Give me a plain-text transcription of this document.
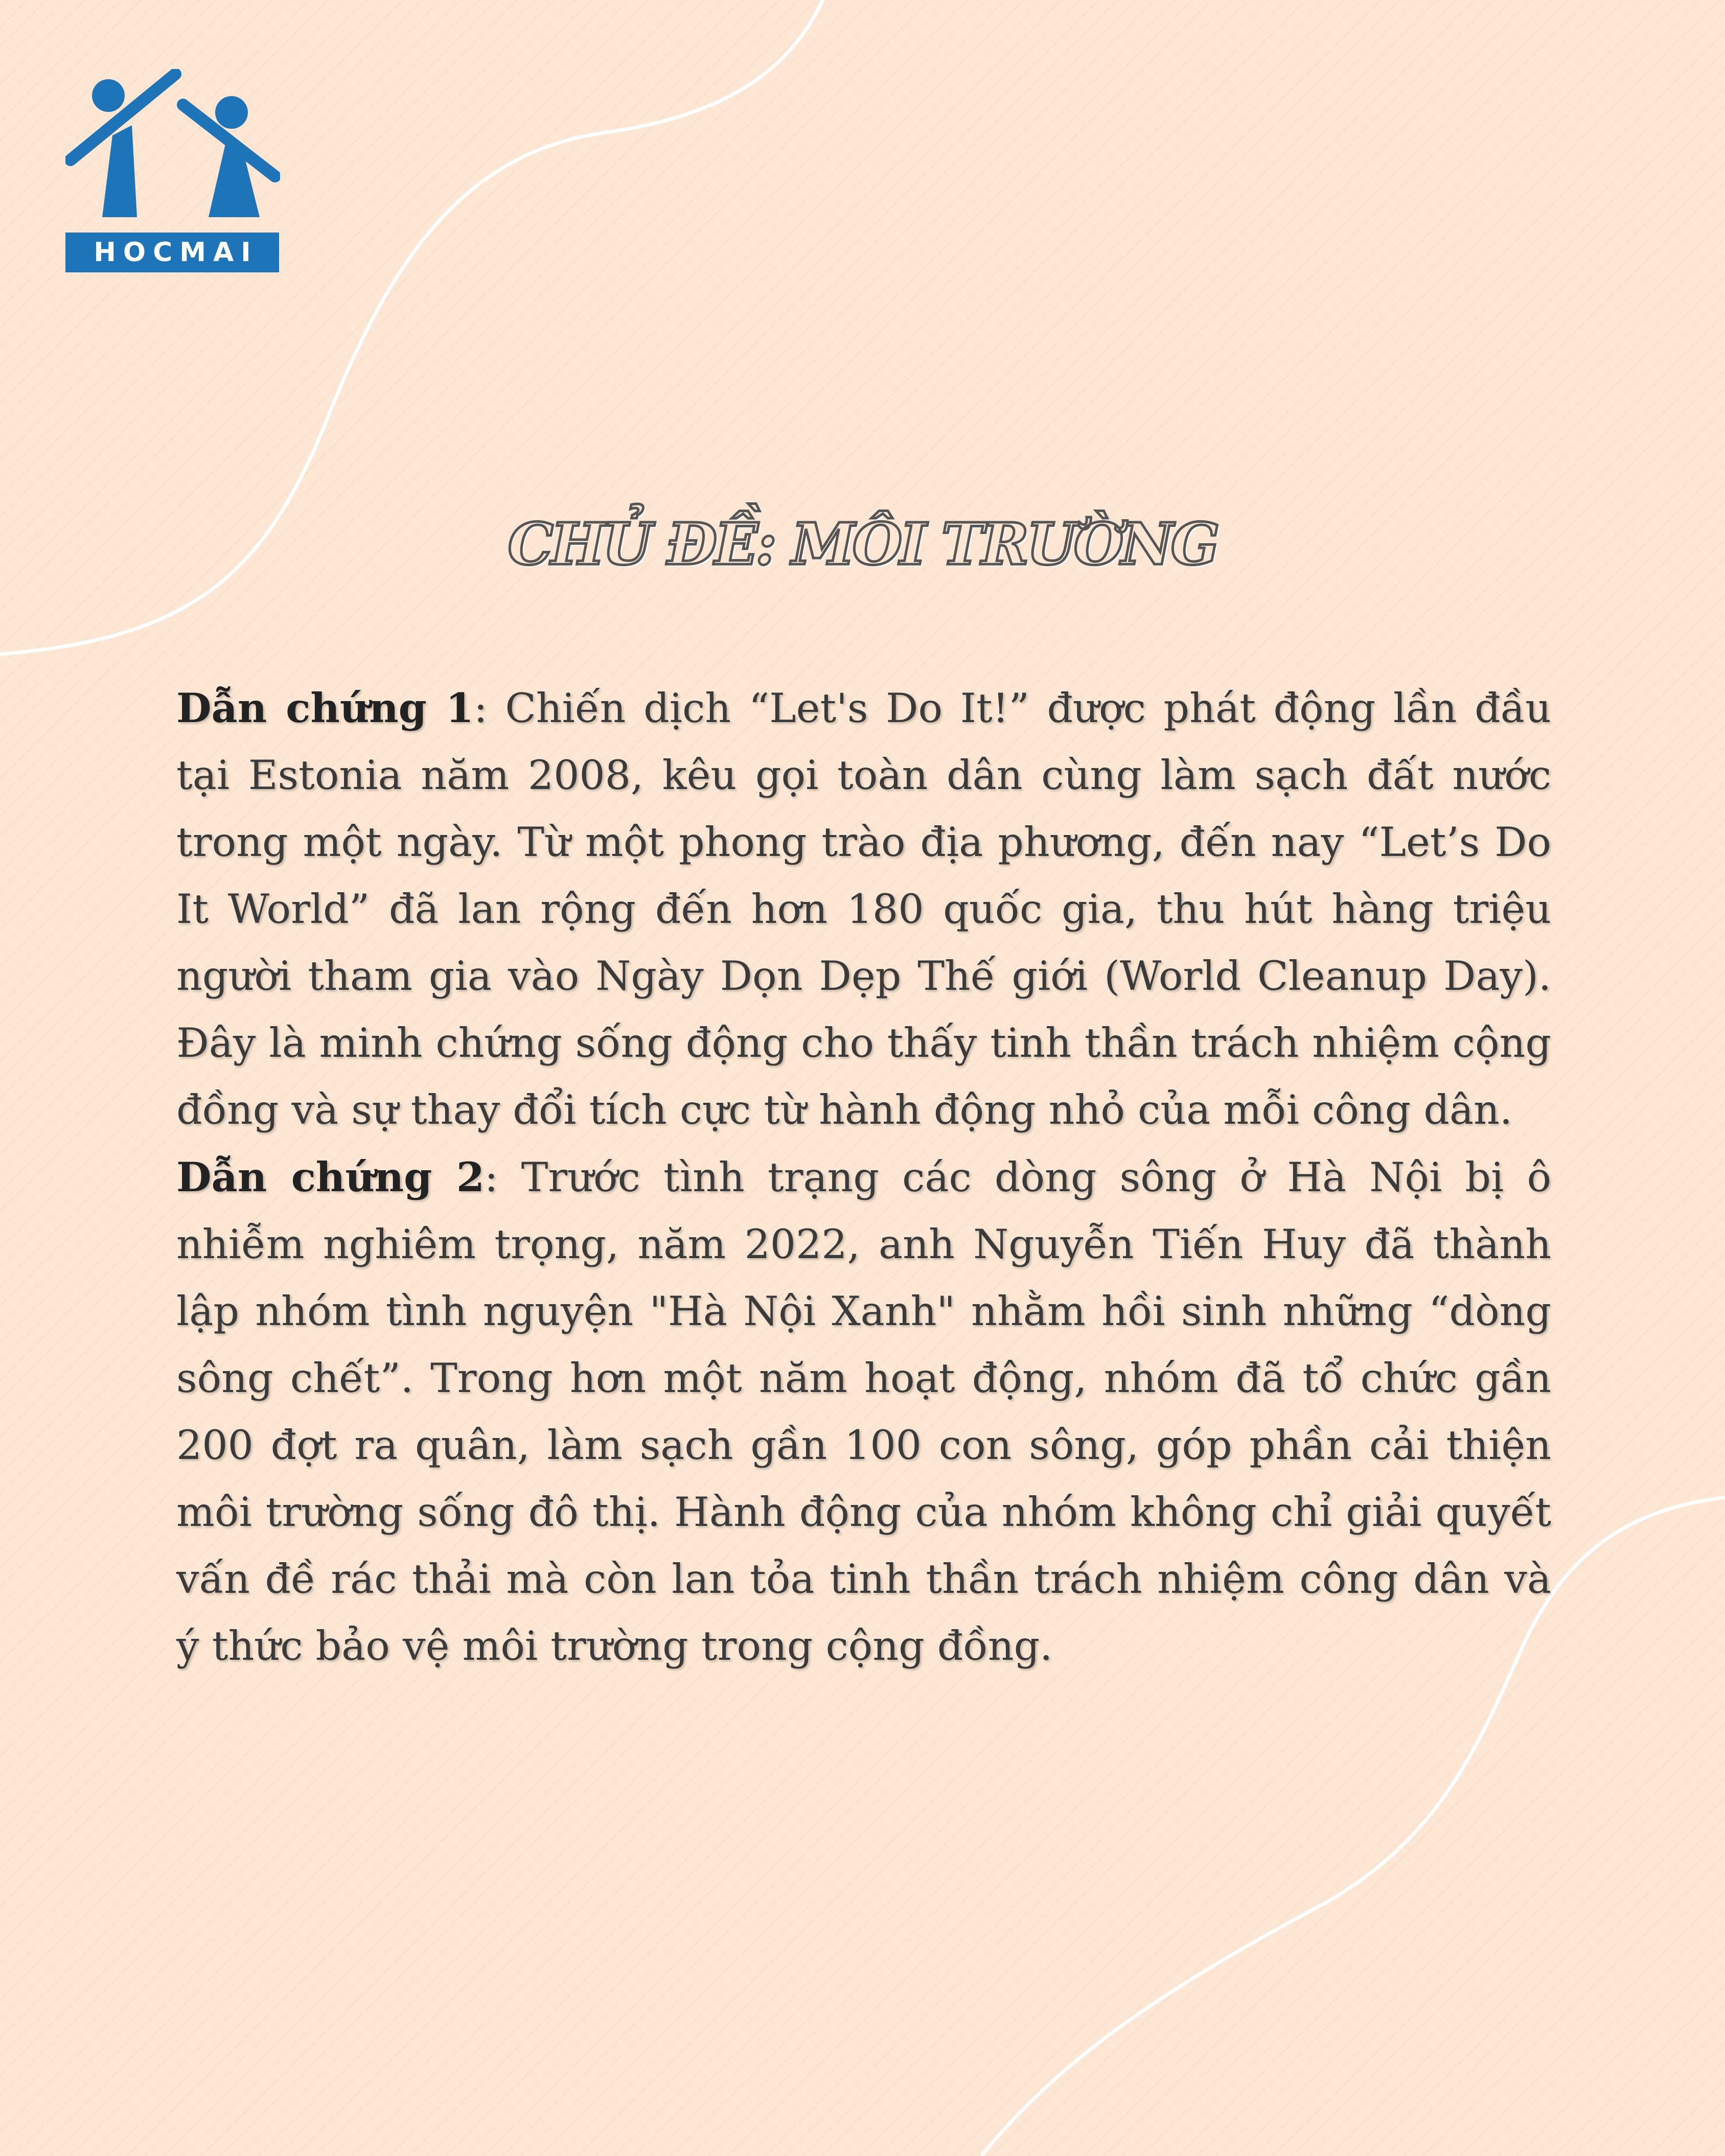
HOCMAI
CHỦ ĐỀ: MÔI TRƯỜNG

Dẫn chứng 1: Chiến dịch “Let's Do It!” được phát động lần đầu tại Estonia năm 2008, kêu gọi toàn dân cùng làm sạch đất nước trong một ngày. Từ một phong trào địa phương, đến nay “Let’s Do It World” đã lan rộng đến hơn 180 quốc gia, thu hút hàng triệu người tham gia vào Ngày Dọn Dẹp Thế giới (World Cleanup Day). Đây là minh chứng sống động cho thấy tinh thần trách nhiệm cộng đồng và sự thay đổi tích cực từ hành động nhỏ của mỗi công dân.

Dẫn chứng 2: Trước tình trạng các dòng sông ở Hà Nội bị ô nhiễm nghiêm trọng, năm 2022, anh Nguyễn Tiến Huy đã thành lập nhóm tình nguyện "Hà Nội Xanh" nhằm hồi sinh những “dòng sông chết”. Trong hơn một năm hoạt động, nhóm đã tổ chức gần 200 đợt ra quân, làm sạch gần 100 con sông, góp phần cải thiện môi trường sống đô thị. Hành động của nhóm không chỉ giải quyết vấn đề rác thải mà còn lan tỏa tinh thần trách nhiệm công dân và ý thức bảo vệ môi trường trong cộng đồng.
